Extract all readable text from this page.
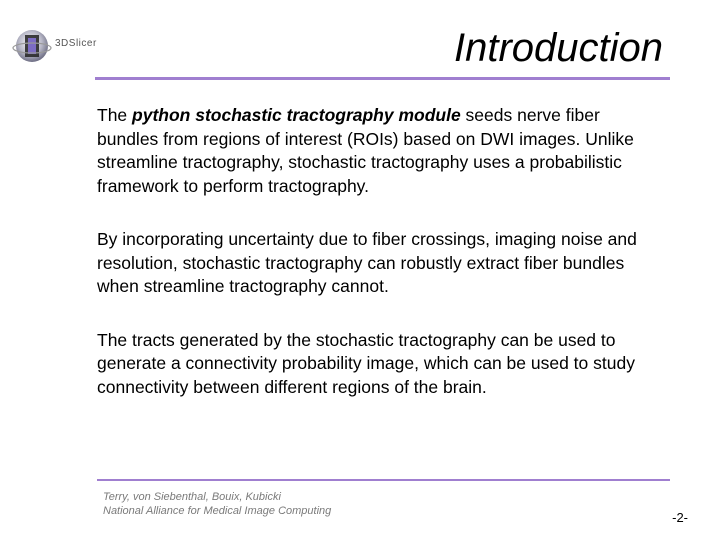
3DSlicer	Introduction

The python stochastic tractography module seeds nerve fiber bundles from regions of interest (ROIs) based on DWI images. Unlike streamline tractography, stochastic tractography uses a probabilistic framework to perform tractography.

By incorporating uncertainty due to fiber crossings, imaging noise and resolution, stochastic tractography can robustly extract fiber bundles when streamline tractography cannot.

The tracts generated by the stochastic tractography can be used to generate a connectivity probability image, which can be used to study connectivity between different regions of the brain.

Terry, von Siebenthal, Bouix, Kubicki
National Alliance for Medical Image Computing	-2-
